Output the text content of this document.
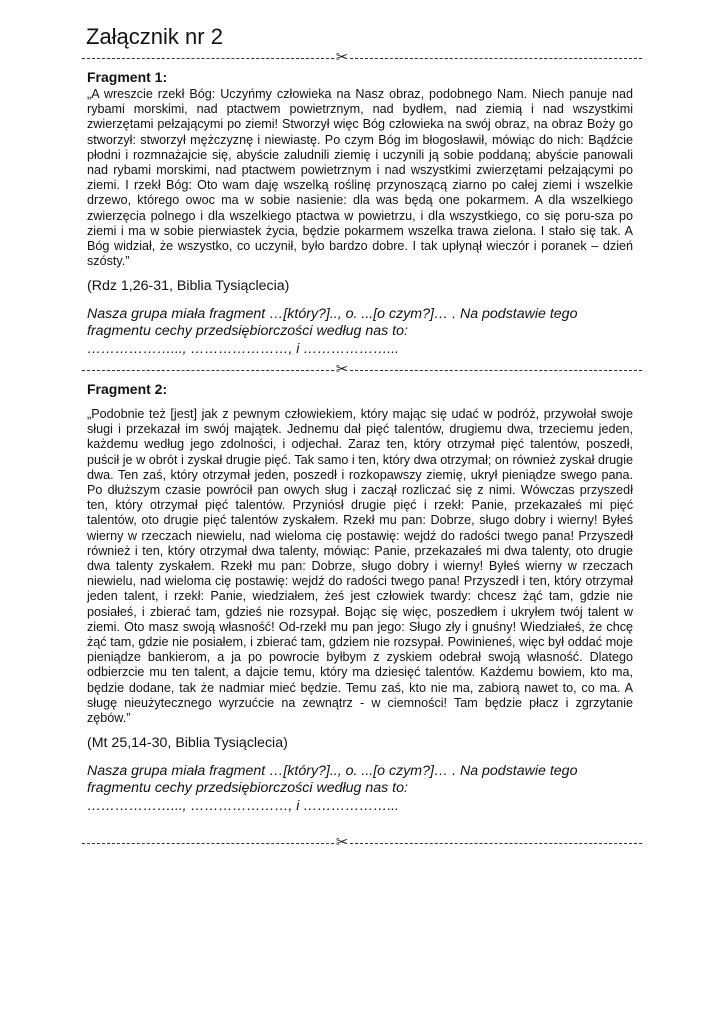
Załącznik nr 2
✂

Fragment 1:

„A wreszcie rzekł Bóg: Uczyńmy człowieka na Nasz obraz, podobnego Nam. Niech panuje nad rybami morskimi, nad ptactwem powietrznym, nad bydłem, nad ziemią i nad wszystkimi zwierzętami pełzającymi po ziemi! Stworzył więc Bóg człowieka na swój obraz, na obraz Boży go stworzył: stworzył mężczyznę i niewiastę. Po czym Bóg im błogosławił, mówiąc do nich: Bądźcie płodni i rozmnażajcie się, abyście zaludnili ziemię i uczynili ją sobie poddaną; abyście panowali nad rybami morskimi, nad ptactwem powietrznym i nad wszystkimi zwierzętami pełzającymi po ziemi. I rzekł Bóg: Oto wam daję wszelką roślinę przynoszącą ziarno po całej ziemi i wszelkie drzewo, którego owoc ma w sobie nasienie: dla was będą one pokarmem. A dla wszelkiego zwierzęcia polnego i dla wszelkiego ptactwa w powietrzu, i dla wszystkiego, co się poru-sza po ziemi i ma w sobie pierwiastek życia, będzie pokarmem wszelka trawa zielona. I stało się tak. A Bóg widział, że wszystko, co uczynił, było bardzo dobre. I tak upłynął wieczór i poranek – dzień szósty.”

(Rdz 1,26-31, Biblia Tysiąclecia)

Nasza grupa miała fragment …[który?].., o. ...[o czym?]… . Na podstawie tego fragmentu cechy przedsiębiorczości według nas to:

………………..., …………………, i ………………...

✂

Fragment 2:

„Podobnie też [jest] jak z pewnym człowiekiem, który mając się udać w podróż, przywołał swoje sługi i przekazał im swój majątek. Jednemu dał pięć talentów, drugiemu dwa, trzeciemu jeden, każdemu według jego zdolności, i odjechał. Zaraz ten, który otrzymał pięć talentów, poszedł, puścił je w obrót i zyskał drugie pięć. Tak samo i ten, który dwa otrzymał; on również zyskał drugie dwa. Ten zaś, który otrzymał jeden, poszedł i rozkopawszy ziemię, ukrył pieniądze swego pana. Po dłuższym czasie powrócił pan owych sług i zaczął rozliczać się z nimi. Wówczas przyszedł ten, który otrzymał pięć talentów. Przyniósł drugie pięć i rzekł: Panie, przekazałeś mi pięć talentów, oto drugie pięć talentów zyskałem. Rzekł mu pan: Dobrze, sługo dobry i wierny! Byłeś wierny w rzeczach niewielu, nad wieloma cię postawię: wejdź do radości twego pana! Przyszedł również i ten, który otrzymał dwa talenty, mówiąc: Panie, przekazałeś mi dwa talenty, oto drugie dwa talenty zyskałem. Rzekł mu pan: Dobrze, sługo dobry i wierny! Byłeś wierny w rzeczach niewielu, nad wieloma cię postawię: wejdź do radości twego pana! Przyszedł i ten, który otrzymał jeden talent, i rzekł: Panie, wiedziałem, żeś jest człowiek twardy: chcesz żąć tam, gdzie nie posiałeś, i zbierać tam, gdzieś nie rozsypał. Bojąc się więc, poszedłem i ukryłem twój talent w ziemi. Oto masz swoją własność! Od-rzekł mu pan jego: Sługo zły i gnuśny! Wiedziałeś, że chcę żąć tam, gdzie nie posiałem, i zbierać tam, gdziem nie rozsypał. Powinieneś, więc był oddać moje pieniądze bankierom, a ja po powrocie byłbym z zyskiem odebrał swoją własność. Dlatego odbierzcie mu ten talent, a dajcie temu, który ma dziesięć talentów. Każdemu bowiem, kto ma, będzie dodane, tak że nadmiar mieć będzie. Temu zaś, kto nie ma, zabiorą nawet to, co ma. A sługę nieużytecznego wyrzućcie na zewnątrz - w ciemności! Tam będzie płacz i zgrzytanie zębów.”

(Mt 25,14-30, Biblia Tysiąclecia)

Nasza grupa miała fragment …[który?].., o. ...[o czym?]… . Na podstawie tego fragmentu cechy przedsiębiorczości według nas to:

………………..., …………………, i ………………...

✂
